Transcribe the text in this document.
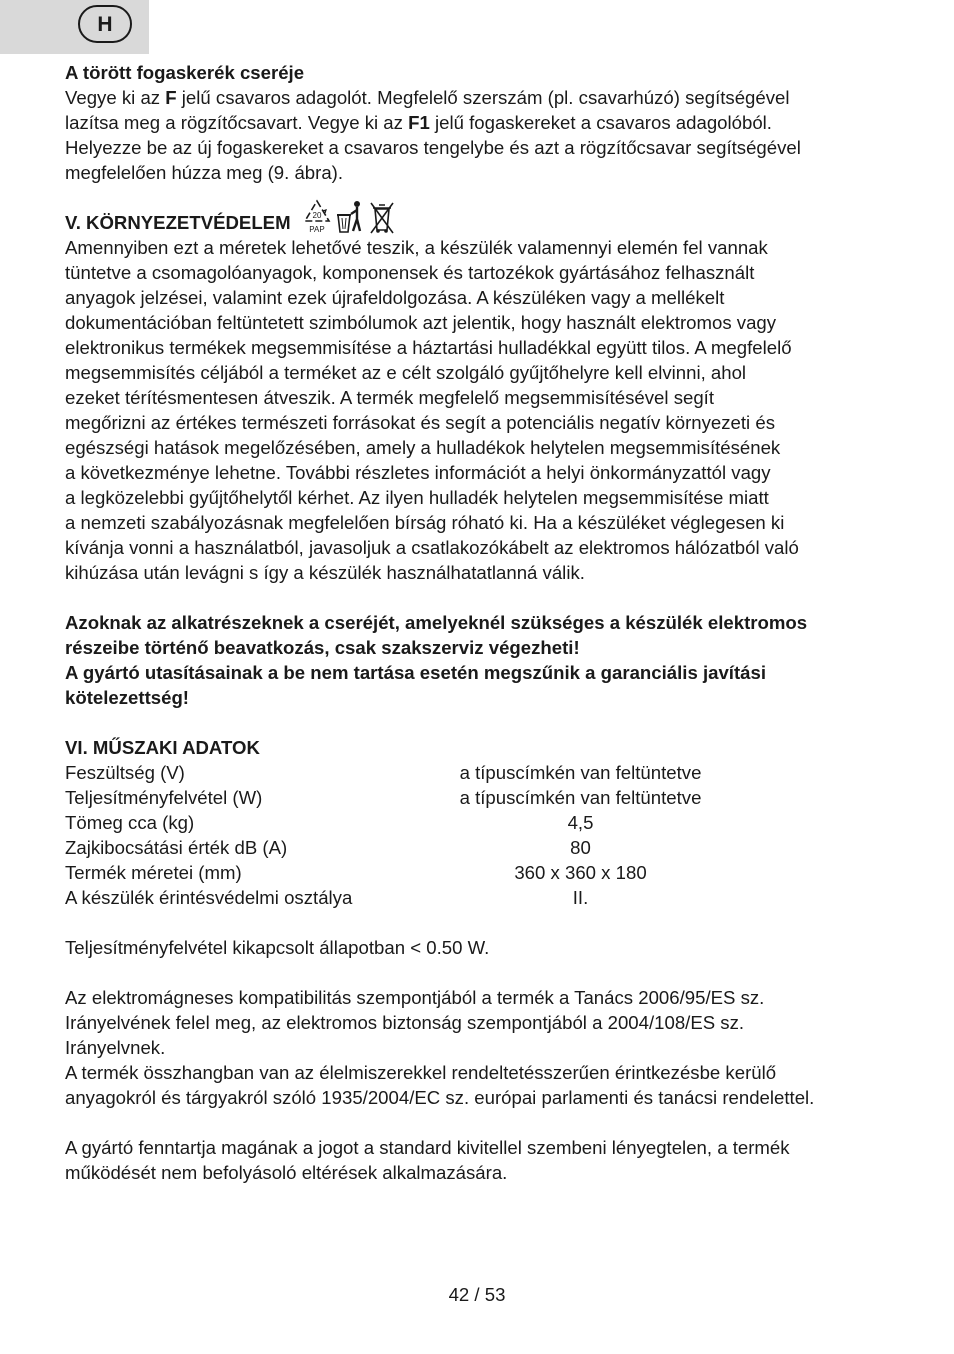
H

A törött fogaskerék cseréje

Vegye ki az F jelű csavaros adagolót. Megfelelő szerszám (pl. csavarhúzó) segítségével

lazítsa meg a rögzítőcsavart. Vegye ki az F1 jelű fogaskereket a csavaros adagolóból.

Helyezze be az új fogaskereket a csavaros tengelybe és azt a rögzítőcsavar segítségével

megfelelően húzza meg (9. ábra).

V. KÖRNYEZETVÉDELEM	20
PAP

Amennyiben ezt a méretek lehetővé teszik, a készülék valamennyi elemén fel vannak

tüntetve a csomagolóanyagok, komponensek és tartozékok gyártásához felhasznált

anyagok jelzései, valamint ezek újrafeldolgozása. A készüléken vagy a mellékelt

dokumentációban feltüntetett szimbólumok azt jelentik, hogy használt elektromos vagy

elektronikus termékek megsemmisítése a háztartási hulladékkal együtt tilos. A megfelelő

megsemmisítés céljából a terméket az e célt szolgáló gyűjtőhelyre kell elvinni, ahol

ezeket térítésmentesen átveszik. A termék megfelelő megsemmisítésével segít

megőrizni az értékes természeti forrásokat és segít a potenciális negatív környezeti és

egészségi hatások megelőzésében, amely a hulladékok helytelen megsemmisítésének

a következménye lehetne. További részletes információt a helyi önkormányzattól vagy

a legközelebbi gyűjtőhelytől kérhet. Az ilyen hulladék helytelen megsemmisítése miatt

a nemzeti szabályozásnak megfelelően bírság róható ki. Ha a készüléket véglegesen ki

kívánja vonni a használatból, javasoljuk a csatlakozókábelt az elektromos hálózatból való

kihúzása után levágni s így a készülék használhatatlanná válik.

Azoknak az alkatrészeknek a cseréjét, amelyeknél szükséges a készülék elektromos

részeibe történő beavatkozás, csak szakszerviz végezheti!

A gyártó utasításainak a be nem tartása esetén megszűnik a garanciális javítási

kötelezettség!

VI. MŰSZAKI ADATOK

Feszültség (V)	a típuscímkén van feltüntetve
Teljesítményfelvétel (W)	a típuscímkén van feltüntetve
Tömeg cca (kg)	4,5
Zajkibocsátási érték dB (A)	80
Termék méretei (mm)	360 x 360 x 180
A készülék érintésvédelmi osztálya	II.

Teljesítményfelvétel kikapcsolt állapotban < 0.50 W.

Az elektromágneses kompatibilitás szempontjából a termék a Tanács 2006/95/ES sz.

Irányelvének felel meg, az elektromos biztonság szempontjából a 2004/108/ES sz.

Irányelvnek.

A termék összhangban van az élelmiszerekkel rendeltetésszerűen érintkezésbe kerülő

anyagokról és tárgyakról szóló 1935/2004/EC sz. európai parlamenti és tanácsi rendelettel.

A gyártó fenntartja magának a jogot a standard kivitellel szembeni lényegtelen, a termék

működését nem befolyásoló eltérések alkalmazására.

42 / 53
